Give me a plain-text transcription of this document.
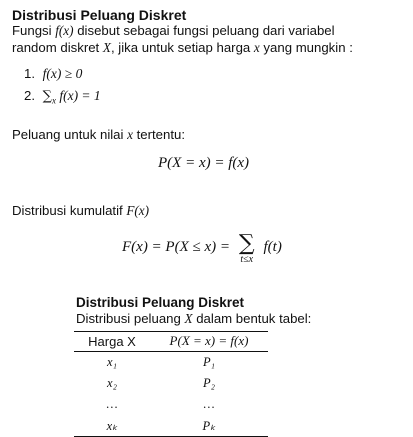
Distribusi Peluang Diskret
Fungsi f(x) disebut sebagai fungsi peluang dari variabel
random diskret X, jika untuk setiap harga x yang mungkin :
1. f(x) ≥ 0
2. $\sum_x$ f(x) = 1
Peluang untuk nilai x tertentu:
P(X = x) = f(x)
Distribusi kumulatif F(x)
F(x) = P(X ≤ x) = ∑
t≤x
f(t)
Distribusi Peluang Diskret
Distribusi peluang X dalam bentuk tabel:
Harga X	P(X = x) = f(x)
x₁	P₁
x₂	P₂
…	…
xₖ	Pₖ
